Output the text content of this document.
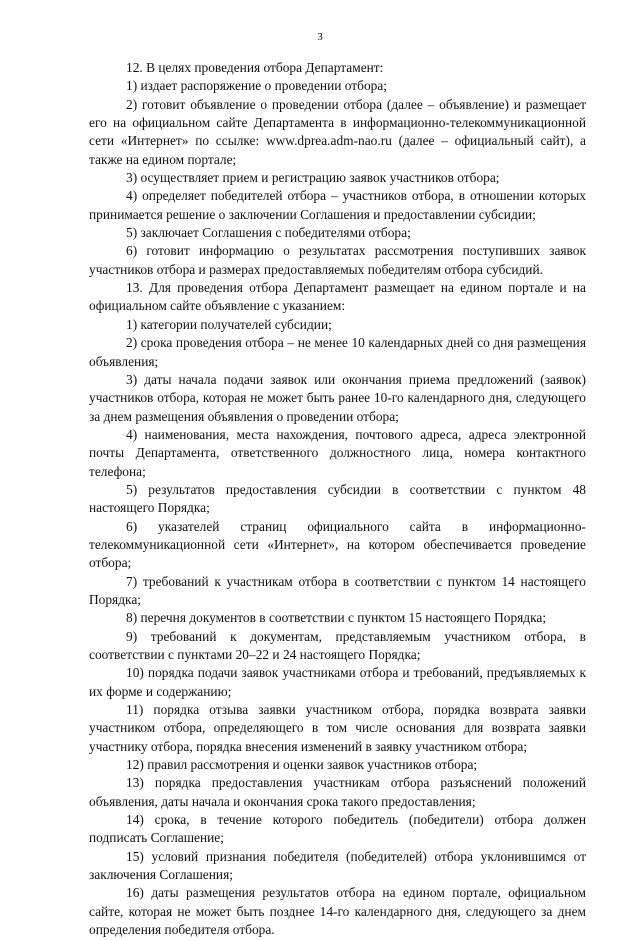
3

12. В целях проведения отбора Департамент:

1) издает распоряжение о проведении отбора;

2) готовит объявление о проведении отбора (далее – объявление) и размещает его на официальном сайте Департамента в информационно-телекоммуникационной сети «Интернет» по ссылке: www.dprea.adm-nao.ru (далее – официальный сайт), а также на едином портале;

3) осуществляет прием и регистрацию заявок участников отбора;

4) определяет победителей отбора – участников отбора, в отношении которых принимается решение о заключении Соглашения и предоставлении субсидии;

5) заключает Соглашения с победителями отбора;

6) готовит информацию о результатах рассмотрения поступивших заявок участников отбора и размерах предоставляемых победителям отбора субсидий.

13. Для проведения отбора Департамент размещает на едином портале и на официальном сайте объявление с указанием:

1) категории получателей субсидии;

2) срока проведения отбора – не менее 10 календарных дней со дня размещения объявления;

3) даты начала подачи заявок или окончания приема предложений (заявок) участников отбора, которая не может быть ранее 10-го календарного дня, следующего за днем размещения объявления о проведении отбора;

4) наименования, места нахождения, почтового адреса, адреса электронной почты Департамента, ответственного должностного лица, номера контактного телефона;

5) результатов предоставления субсидии в соответствии с пунктом 48 настоящего Порядка;

6) указателей страниц официального сайта в информационно-телекоммуникационной сети «Интернет», на котором обеспечивается проведение отбора;

7) требований к участникам отбора в соответствии с пунктом 14 настоящего Порядка;

8) перечня документов в соответствии с пунктом 15 настоящего Порядка;

9) требований к документам, представляемым участником отбора, в соответствии с пунктами 20–22 и 24 настоящего Порядка;

10) порядка подачи заявок участниками отбора и требований, предъявляемых к их форме и содержанию;

11) порядка отзыва заявки участником отбора, порядка возврата заявки участником отбора, определяющего в том числе основания для возврата заявки участнику отбора, порядка внесения изменений в заявку участником отбора;

12) правил рассмотрения и оценки заявок участников отбора;

13) порядка предоставления участникам отбора разъяснений положений объявления, даты начала и окончания срока такого предоставления;

14) срока, в течение которого победитель (победители) отбора должен подписать Соглашение;

15) условий признания победителя (победителей) отбора уклонившимся от заключения Соглашения;

16) даты размещения результатов отбора на едином портале, официальном сайте, которая не может быть позднее 14-го календарного дня, следующего за днем определения победителя отбора.
